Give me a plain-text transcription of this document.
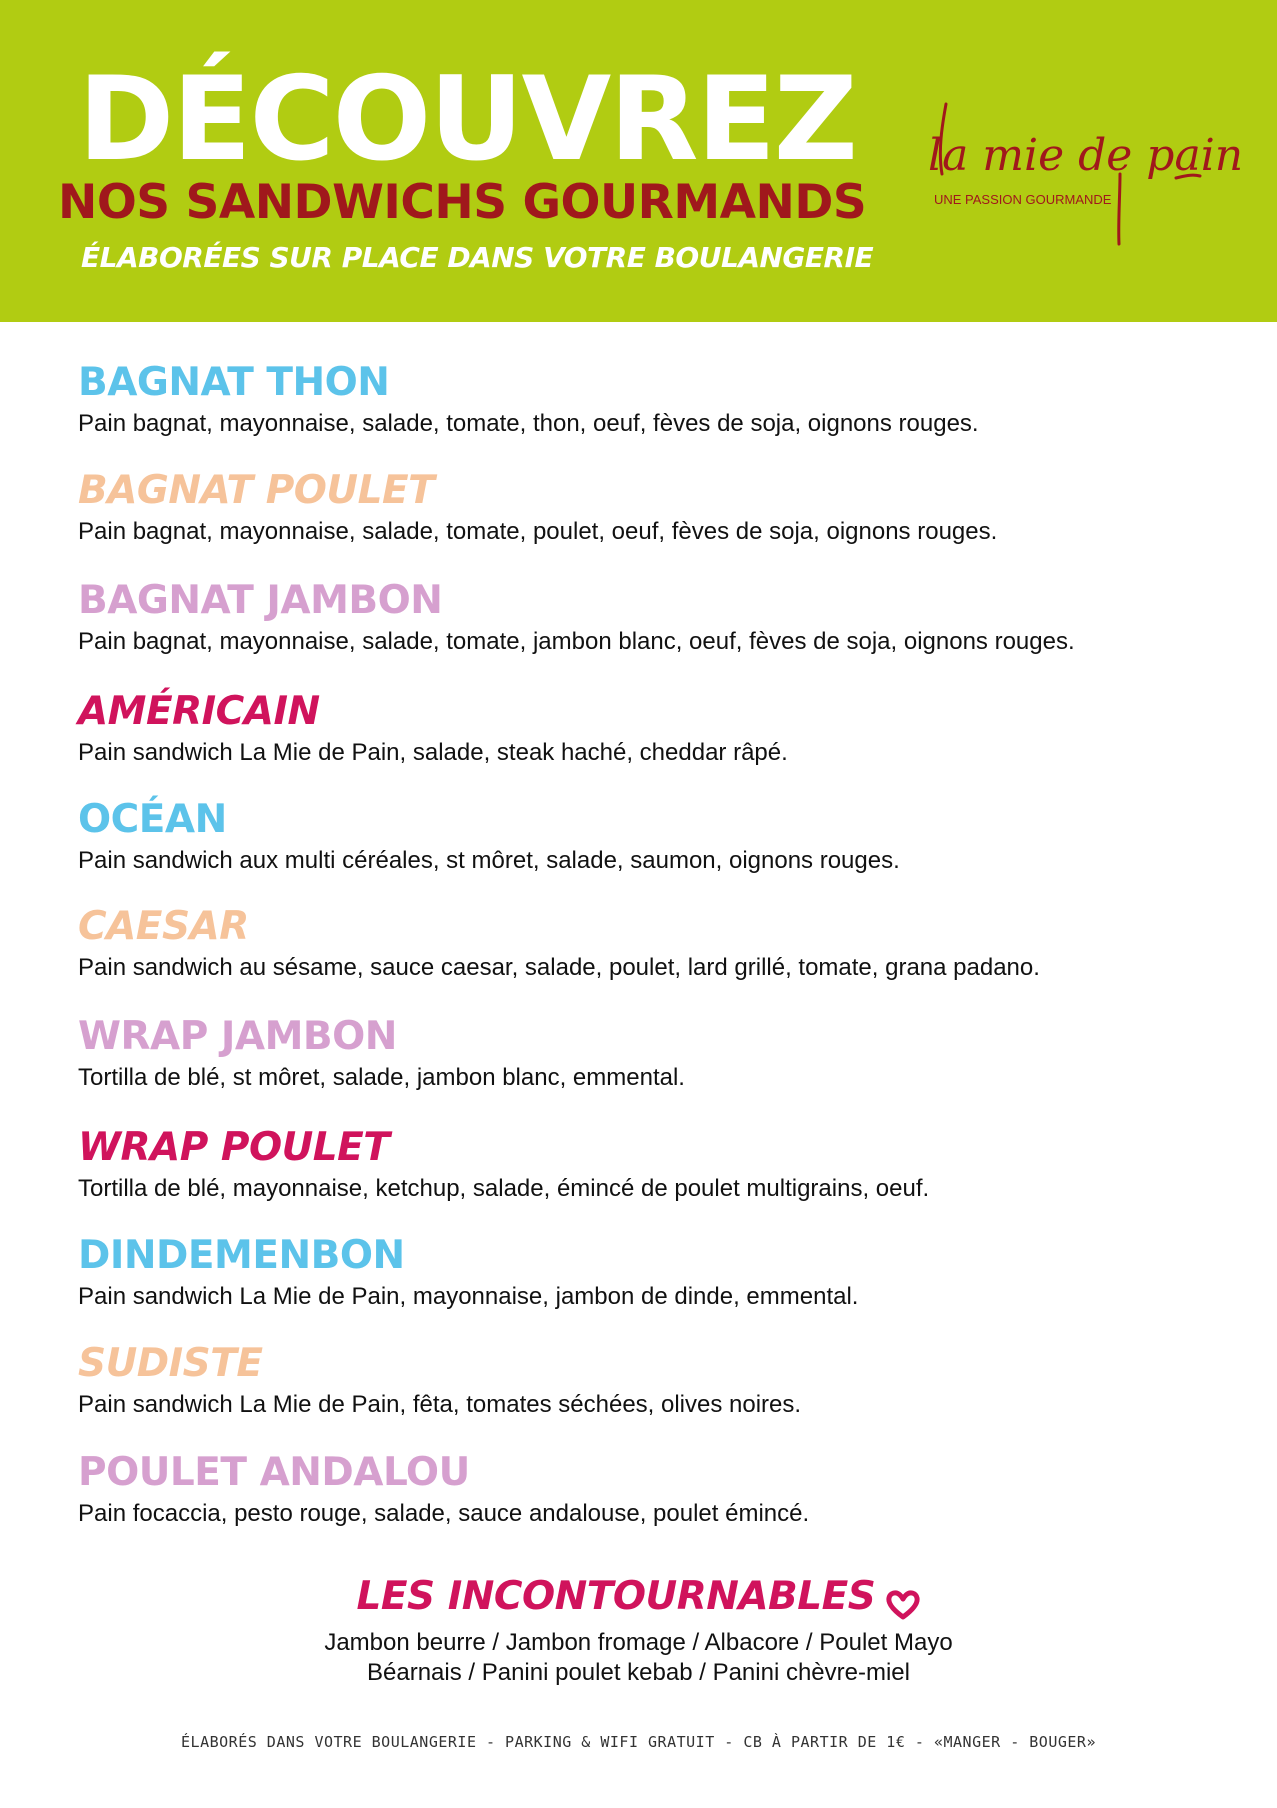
DÉCOUVREZ
NOS SANDWICHS GOURMANDS

ÉLABORÉES SUR PLACE DANS VOTRE BOULANGERIE

la mie de pain
UNE PASSION GOURMANDE
BAGNAT THON

Pain bagnat, mayonnaise, salade, tomate, thon, oeuf, fèves de soja, oignons rouges.

BAGNAT POULET

Pain bagnat, mayonnaise, salade, tomate, poulet, oeuf, fèves de soja, oignons rouges.

BAGNAT JAMBON

Pain bagnat, mayonnaise, salade, tomate, jambon blanc, oeuf, fèves de soja, oignons rouges.

AMÉRICAIN

Pain sandwich La Mie de Pain, salade, steak haché, cheddar râpé.

OCÉAN

Pain sandwich aux multi céréales, st môret, salade, saumon, oignons rouges.

CAESAR

Pain sandwich au sésame, sauce caesar, salade, poulet, lard grillé, tomate, grana padano.

WRAP JAMBON

Tortilla de blé, st môret, salade, jambon blanc, emmental.

WRAP POULET

Tortilla de blé, mayonnaise, ketchup, salade, émincé de poulet multigrains, oeuf.

DINDEMENBON

Pain sandwich La Mie de Pain, mayonnaise, jambon de dinde, emmental.

SUDISTE

Pain sandwich La Mie de Pain, fêta, tomates séchées, olives noires.

POULET ANDALOU

Pain focaccia, pesto rouge, salade, sauce andalouse, poulet émincé.

LES INCONTOURNABLES

Jambon beurre / Jambon fromage / Albacore / Poulet Mayo

Béarnais / Panini poulet kebab / Panini chèvre-miel

ÉLABORÉS DANS VOTRE BOULANGERIE - PARKING & WIFI GRATUIT - CB À PARTIR DE 1€ - «MANGER - BOUGER»
